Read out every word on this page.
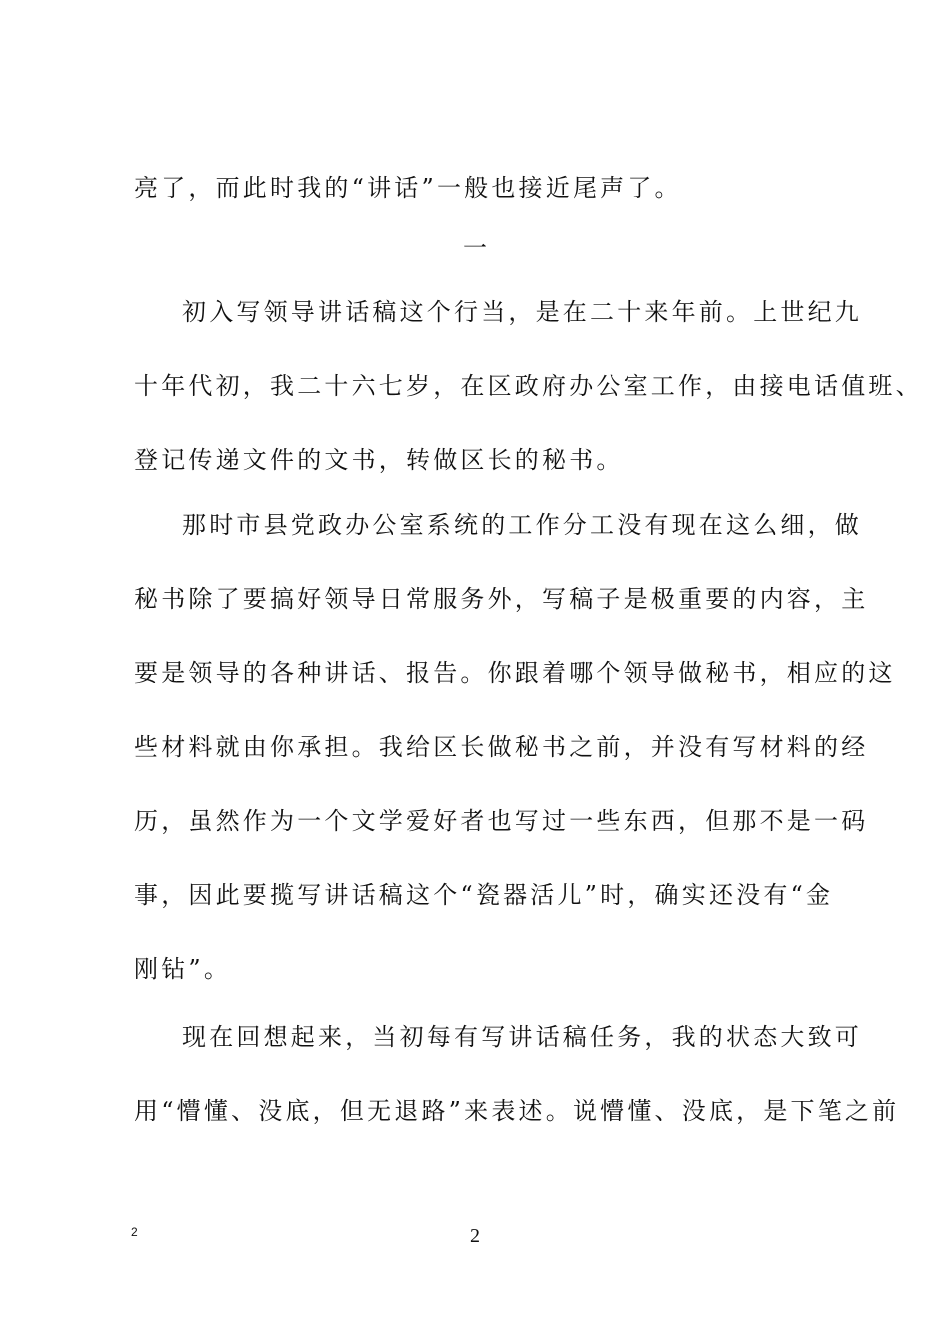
亮了，而此时我的“讲话”一般也接近尾声了。
一
初入写领导讲话稿这个行当，是在二十来年前。上世纪九
十年代初，我二十六七岁，在区政府办公室工作，由接电话值班、
登记传递文件的文书，转做区长的秘书。
那时市县党政办公室系统的工作分工没有现在这么细，做
秘书除了要搞好领导日常服务外，写稿子是极重要的内容，主
要是领导的各种讲话、报告。你跟着哪个领导做秘书，相应的这
些材料就由你承担。我给区长做秘书之前，并没有写材料的经
历，虽然作为一个文学爱好者也写过一些东西，但那不是一码
事，因此要揽写讲话稿这个“瓷器活儿”时，确实还没有“金
刚钻”。
现在回想起来，当初每有写讲话稿任务，我的状态大致可
用“懵懂、没底，但无退路”来表述。说懵懂、没底，是下笔之前
2	2
